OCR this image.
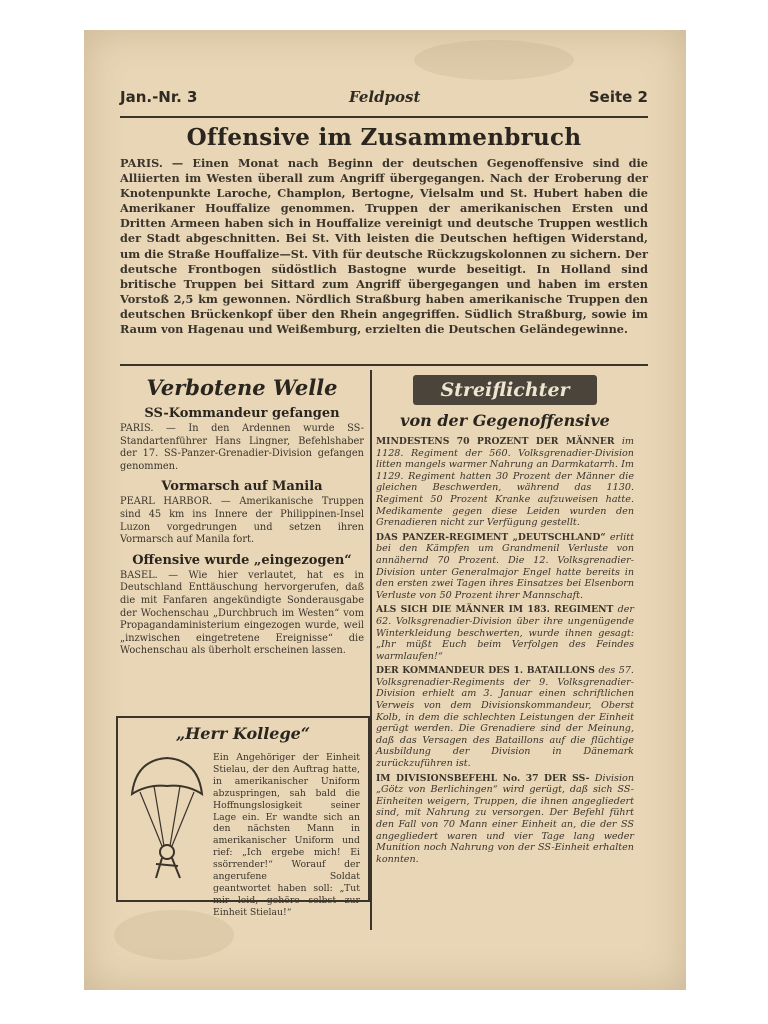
Jan.-Nr. 3	Feldpost	Seite 2
Offensive im Zusammenbruch
PARIS. — Einen Monat nach Beginn der deutschen Gegenoffensive sind die Alliierten im Westen überall zum Angriff übergegangen. Nach der Eroberung der Knotenpunkte Laroche, Champlon, Bertogne, Vielsalm und St. Hubert haben die Amerikaner Houffalize genommen. Truppen der amerikanischen Ersten und Dritten Armeen haben sich in Houffalize vereinigt und deutsche Truppen westlich der Stadt abgeschnitten. Bei St. Vith leisten die Deutschen heftigen Widerstand, um die Straße Houffalize—St. Vith für deutsche Rückzugskolonnen zu sichern. Der deutsche Frontbogen südöstlich Bastogne wurde beseitigt. In Holland sind britische Truppen bei Sittard zum Angriff übergegangen und haben im ersten Vorstoß 2,5 km gewonnen. Nördlich Straßburg haben amerikanische Truppen den deutschen Brückenkopf über den Rhein angegriffen. Südlich Straßburg, sowie im Raum von Hagenau und Weißemburg, erzielten die Deutschen Geländegewinne.
Verbotene Welle
SS-Kommandeur gefangen
PARIS. — In den Ardennen wurde SS-Standartenführer Hans Lingner, Befehlshaber der 17. SS-Panzer-Grenadier-Division gefangen genommen.
Vormarsch auf Manila
PEARL HARBOR. — Amerikanische Truppen sind 45 km ins Innere der Philippinen-Insel Luzon vorgedrungen und setzen ihren Vormarsch auf Manila fort.
Offensive wurde „eingezogen“
BASEL. — Wie hier verlautet, hat es in Deutschland Enttäuschung hervorgerufen, daß die mit Fanfaren angekündigte Sonderausgabe der Wochenschau „Durchbruch im Westen“ vom Propagandaministerium eingezogen wurde, weil „inzwischen eingetretene Ereignisse“ die Wochenschau als überholt erscheinen lassen.
„Herr Kollege“
Ein Angehöriger der Einheit Stielau, der den Auftrag hatte, in amerikanischer Uniform abzuspringen, sah bald die Hoffnungslosigkeit seiner Lage ein. Er wandte sich an den nächsten Mann in amerikanischer Uniform und rief: „Ich ergebe mich! Ei ssörrender!“ Worauf der angerufene Soldat geantwortet haben soll: „Tut mir leid, gehöre selbst zur Einheit Stielau!“
Streiflichter
von der Gegenoffensive

MINDESTENS 70 PROZENT DER MÄNNER im 1128. Regiment der 560. Volksgrenadier-Division litten mangels warmer Nahrung an Darmkatarrh. Im 1129. Regiment hatten 30 Prozent der Männer die gleichen Beschwerden, während das 1130. Regiment 50 Prozent Kranke aufzuweisen hatte. Medikamente gegen diese Leiden wurden den Grenadieren nicht zur Verfügung gestellt.

DAS PANZER-REGIMENT „DEUTSCHLAND“ erlitt bei den Kämpfen um Grandmenil Verluste von annähernd 70 Prozent. Die 12. Volksgrenadier-Division unter Generalmajor Engel hatte bereits in den ersten zwei Tagen ihres Einsatzes bei Elsenborn Verluste von 50 Prozent ihrer Mannschaft.

ALS SICH DIE MÄNNER IM 183. REGIMENT der 62. Volksgrenadier-Division über ihre ungenügende Winterkleidung beschwerten, wurde ihnen gesagt: „Ihr müßt Euch beim Verfolgen des Feindes warmlaufen!“

DER KOMMANDEUR DES 1. BATAILLONS des 57. Volksgrenadier-Regiments der 9. Volksgrenadier-Division erhielt am 3. Januar einen schriftlichen Verweis von dem Divisionskommandeur, Oberst Kolb, in dem die schlechten Leistungen der Einheit gerügt werden. Die Grenadiere sind der Meinung, daß das Versagen des Bataillons auf die flüchtige Ausbildung der Division in Dänemark zurückzuführen ist.

IM DIVISIONSBEFEHL No. 37 DER SS- Division „Götz von Berlichingen“ wird gerügt, daß sich SS-Einheiten weigern, Truppen, die ihnen angegliedert sind, mit Nahrung zu versorgen. Der Befehl führt den Fall von 70 Mann einer Einheit an, die der SS angegliedert waren und vier Tage lang weder Munition noch Nahrung von der SS-Einheit erhalten konnten.
